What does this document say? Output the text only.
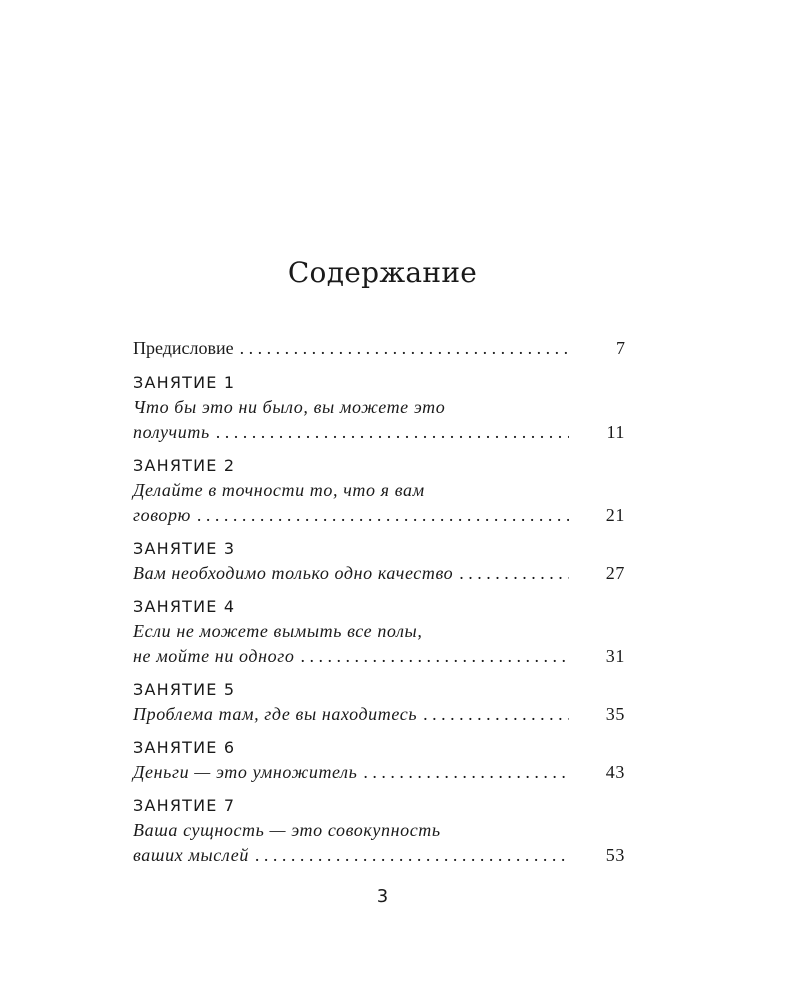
Содержание
Предисловие . . .	7
ЗАНЯТИЕ 1
Что бы это ни было, вы можете это
получить . . .	11
ЗАНЯТИЕ 2
Делайте в точности то, что я вам
говорю . . .	21
ЗАНЯТИЕ 3
Вам необходимо только одно качество . . .	27
ЗАНЯТИЕ 4
Если не можете вымыть все полы,
не мойте ни одного . . .	31
ЗАНЯТИЕ 5
Проблема там, где вы находитесь . . .	35
ЗАНЯТИЕ 6
Деньги — это умножитель . . .	43
ЗАНЯТИЕ 7
Ваша сущность — это совокупность
ваших мыслей . . .	53
3
